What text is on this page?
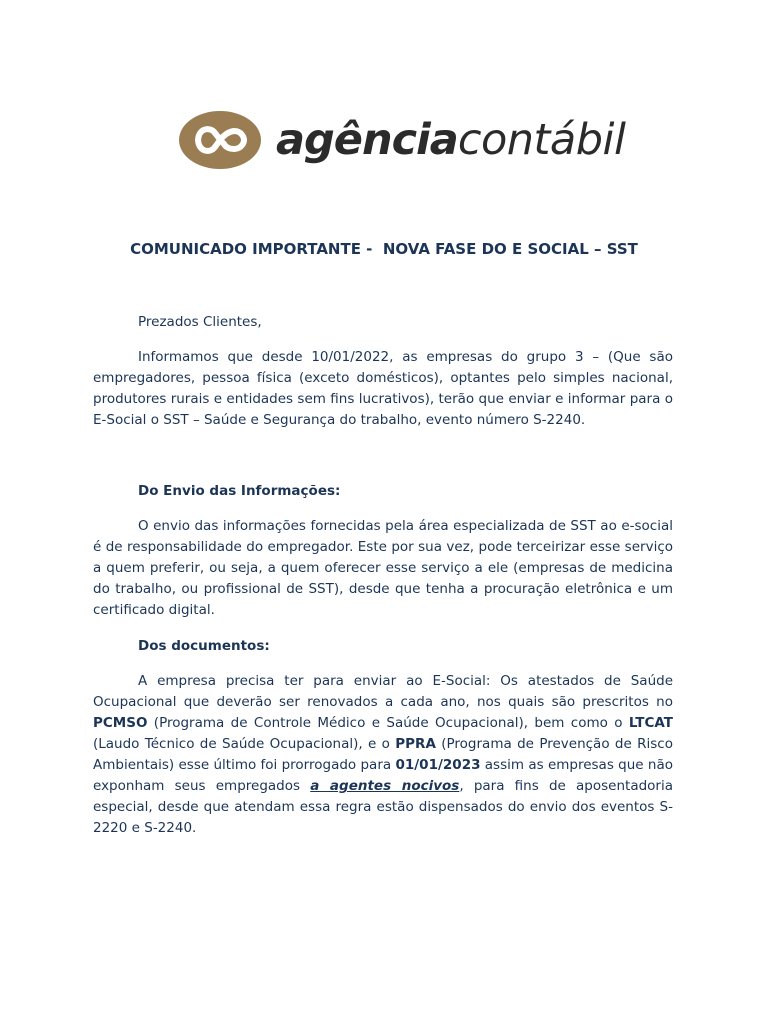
agênciacontábil
COMUNICADO IMPORTANTE -  NOVA FASE DO E SOCIAL – SST

Prezados Clientes,

Informamos que desde 10/01/2022, as empresas do grupo 3 – (Que são empregadores, pessoa física (exceto domésticos), optantes pelo simples nacional, produtores rurais e entidades sem fins lucrativos), terão que enviar e informar para o E-Social o SST – Saúde e Segurança do trabalho, evento número S-2240.

Do Envio das Informações:

O envio das informações fornecidas pela área especializada de SST ao e-social é de responsabilidade do empregador. Este por sua vez, pode terceirizar esse serviço a quem preferir, ou seja, a quem oferecer esse serviço a ele (empresas de medicina do trabalho, ou profissional de SST), desde que tenha a procuração eletrônica e um certificado digital.

Dos documentos:

A empresa precisa ter para enviar ao E-Social: Os atestados de Saúde Ocupacional que deverão ser renovados a cada ano, nos quais são prescritos no PCMSO (Programa de Controle Médico e Saúde Ocupacional), bem como o LTCAT (Laudo Técnico de Saúde Ocupacional), e o PPRA (Programa de Prevenção de Risco Ambientais) esse último foi prorrogado para 01/01/2023 assim as empresas que não exponham seus empregados a agentes nocivos, para fins de aposentadoria especial, desde que atendam essa regra estão dispensados do envio dos eventos S-2220 e S-2240.
